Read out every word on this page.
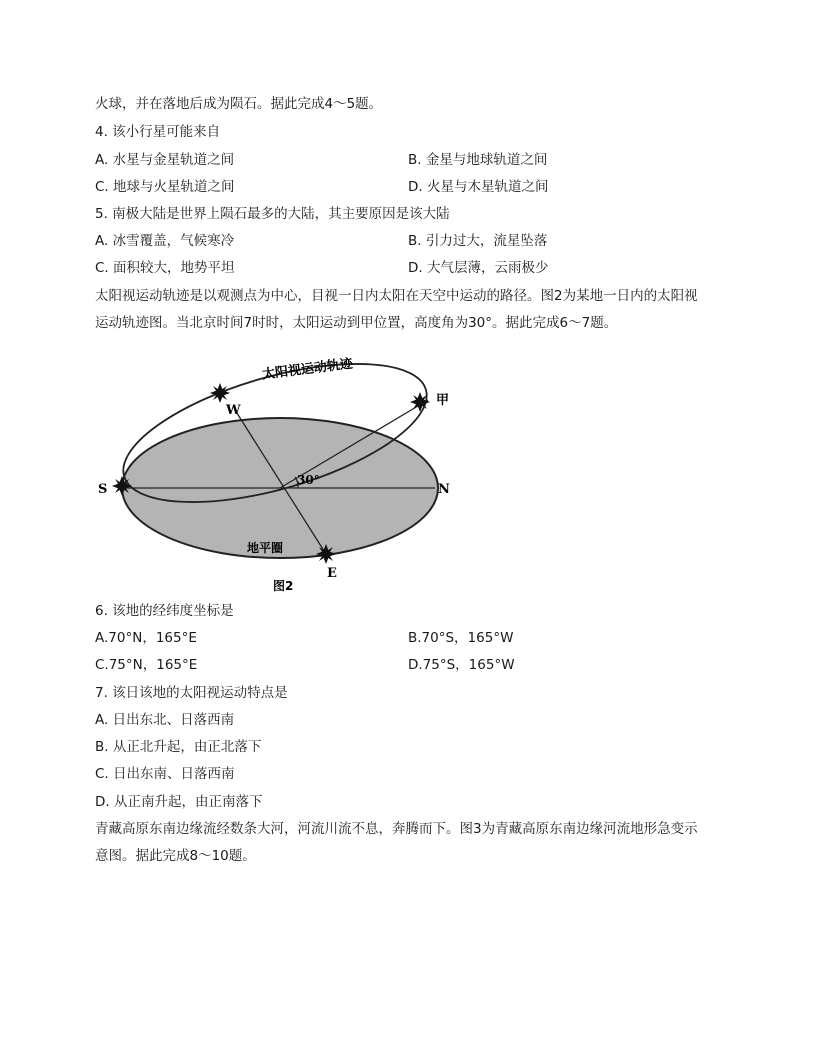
火球，并在落地后成为陨石。据此完成4～5题。
4. 该小行星可能来自
A. 水星与金星轨道之间	B. 金星与地球轨道之间
C. 地球与火星轨道之间	D. 火星与木星轨道之间
5. 南极大陆是世界上陨石最多的大陆，其主要原因是该大陆
A. 冰雪覆盖，气候寒冷	B. 引力过大，流星坠落
C. 面积较大，地势平坦	D. 大气层薄，云雨极少
太阳视运动轨迹是以观测点为中心，目视一日内太阳在天空中运动的路径。图2为某地一日内的太阳视
运动轨迹图。当北京时间7时时，太阳运动到甲位置，高度角为30°。据此完成6～7题。
太阳视运动轨迹
W
甲
S	N
E
30°
地平圈
图2
6. 该地的经纬度坐标是
A.70°N，165°E	B.70°S，165°W
C.75°N，165°E	D.75°S，165°W
7. 该日该地的太阳视运动特点是
A. 日出东北、日落西南
B. 从正北升起，由正北落下
C. 日出东南、日落西南
D. 从正南升起，由正南落下
青藏高原东南边缘流经数条大河，河流川流不息，奔腾而下。图3为青藏高原东南边缘河流地形急变示
意图。据此完成8～10题。
